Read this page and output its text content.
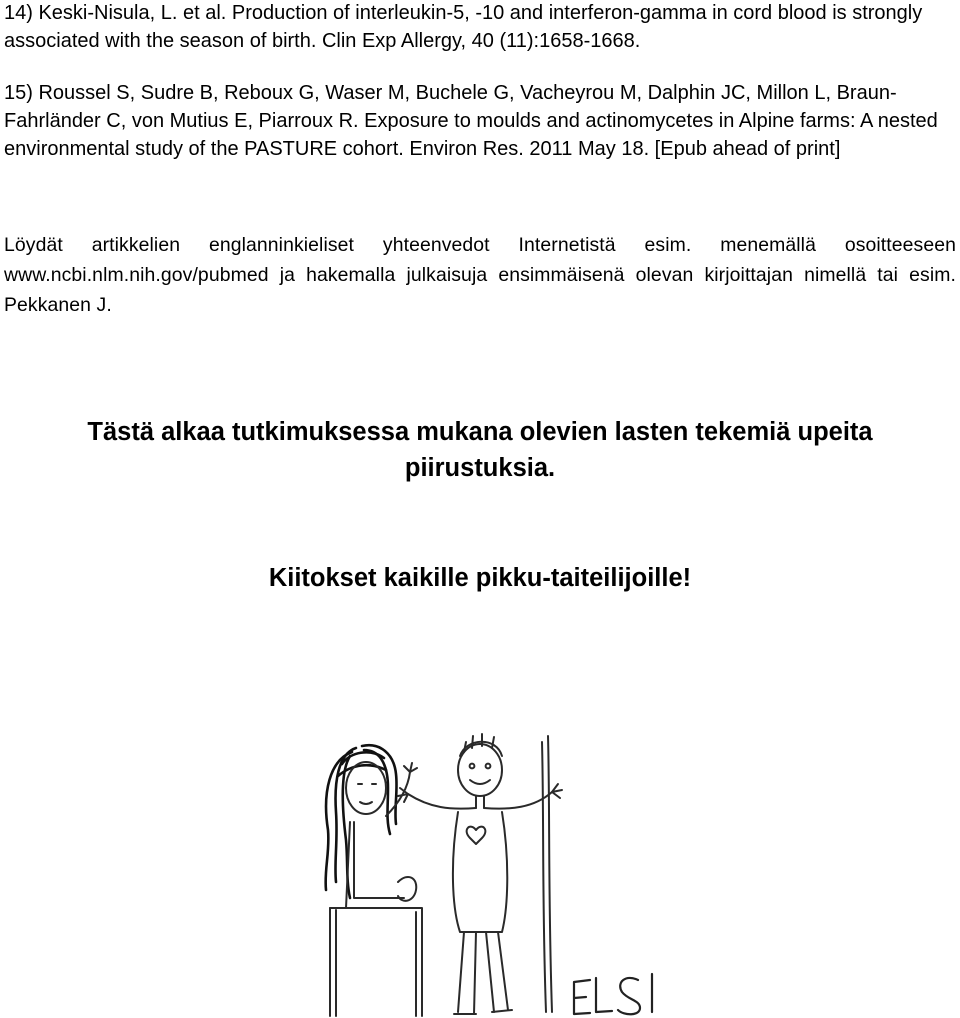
14) Keski-Nisula, L. et al. Production of interleukin-5, -10 and interferon-gamma in cord blood is strongly associated with the season of birth. Clin Exp Allergy, 40 (11):1658-1668.

15) Roussel S, Sudre B, Reboux G, Waser M, Buchele G, Vacheyrou M, Dalphin JC, Millon L, Braun-Fahrländer C, von Mutius E, Piarroux R. Exposure to moulds and actinomycetes in Alpine farms: A nested environmental study of the PASTURE cohort. Environ Res. 2011 May 18. [Epub ahead of print]

Löydät artikkelien englanninkieliset yhteenvedot Internetistä esim. menemällä osoitteeseen www.ncbi.nlm.nih.gov/pubmed ja hakemalla julkaisuja ensimmäisenä olevan kirjoittajan nimellä tai esim. Pekkanen J.

Tästä alkaa tutkimuksessa mukana olevien lasten tekemiä upeita
piirustuksia.
Kiitokset kaikille pikku-taiteilijoille!
